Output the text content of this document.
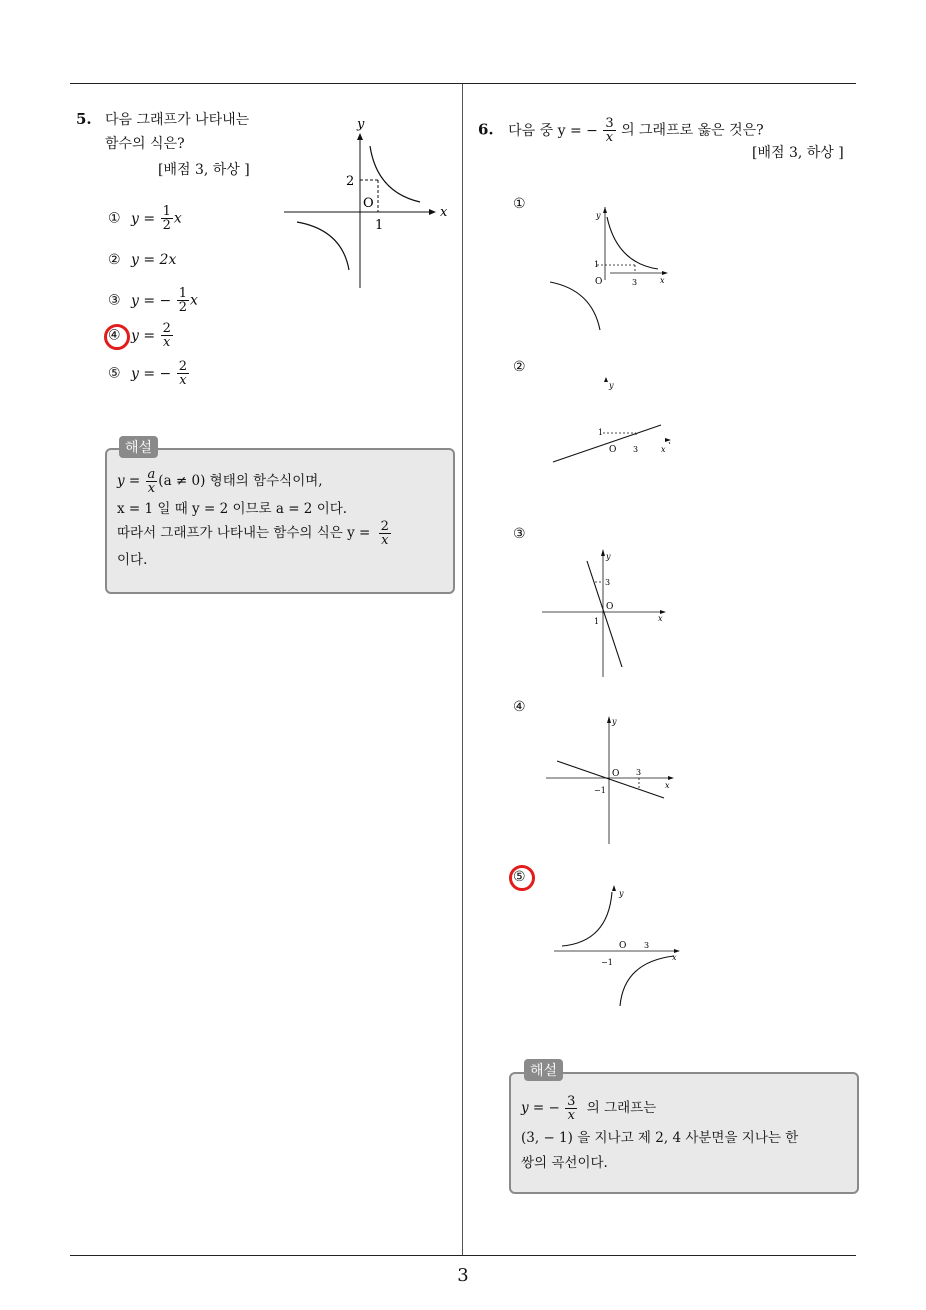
5. 다음 그래프가 나타내는
함수의 식은?
[배점 3, 하상 ]
y
x
O
2
1
① $y = \frac{1}{2}$ x
② y = 2x
③ y = − $\frac{1}{2}$ x
④ $y = \frac{2}{x}$
⑤ y = − $\frac{2}{x}$
해설
$y = \frac{a}{x} (a \ne 0)$ 형태의 함수식이며,
x = 1 일 때 y = 2 이므로 a = 2 이다.
따라서 그래프가 나타내는 함수의 식은 $y = \frac{2}{x}$
이다.
6. 다음 중 y = − $\frac{3}{x}$ 의 그래프로 옳은 것은?
[배점 3, 하상 ]
①
y
x
O
1
3
②
y
1
O 3	x
③
y
3
O
1	x
④
y
O 3
−1
x
⑤
y
O 3
−1
x
해설
y = − $\frac{3}{x}$ 의 그래프는
(3, − 1) 을 지나고 제 2, 4 사분면을 지나는 한
쌍의 곡선이다.
3
